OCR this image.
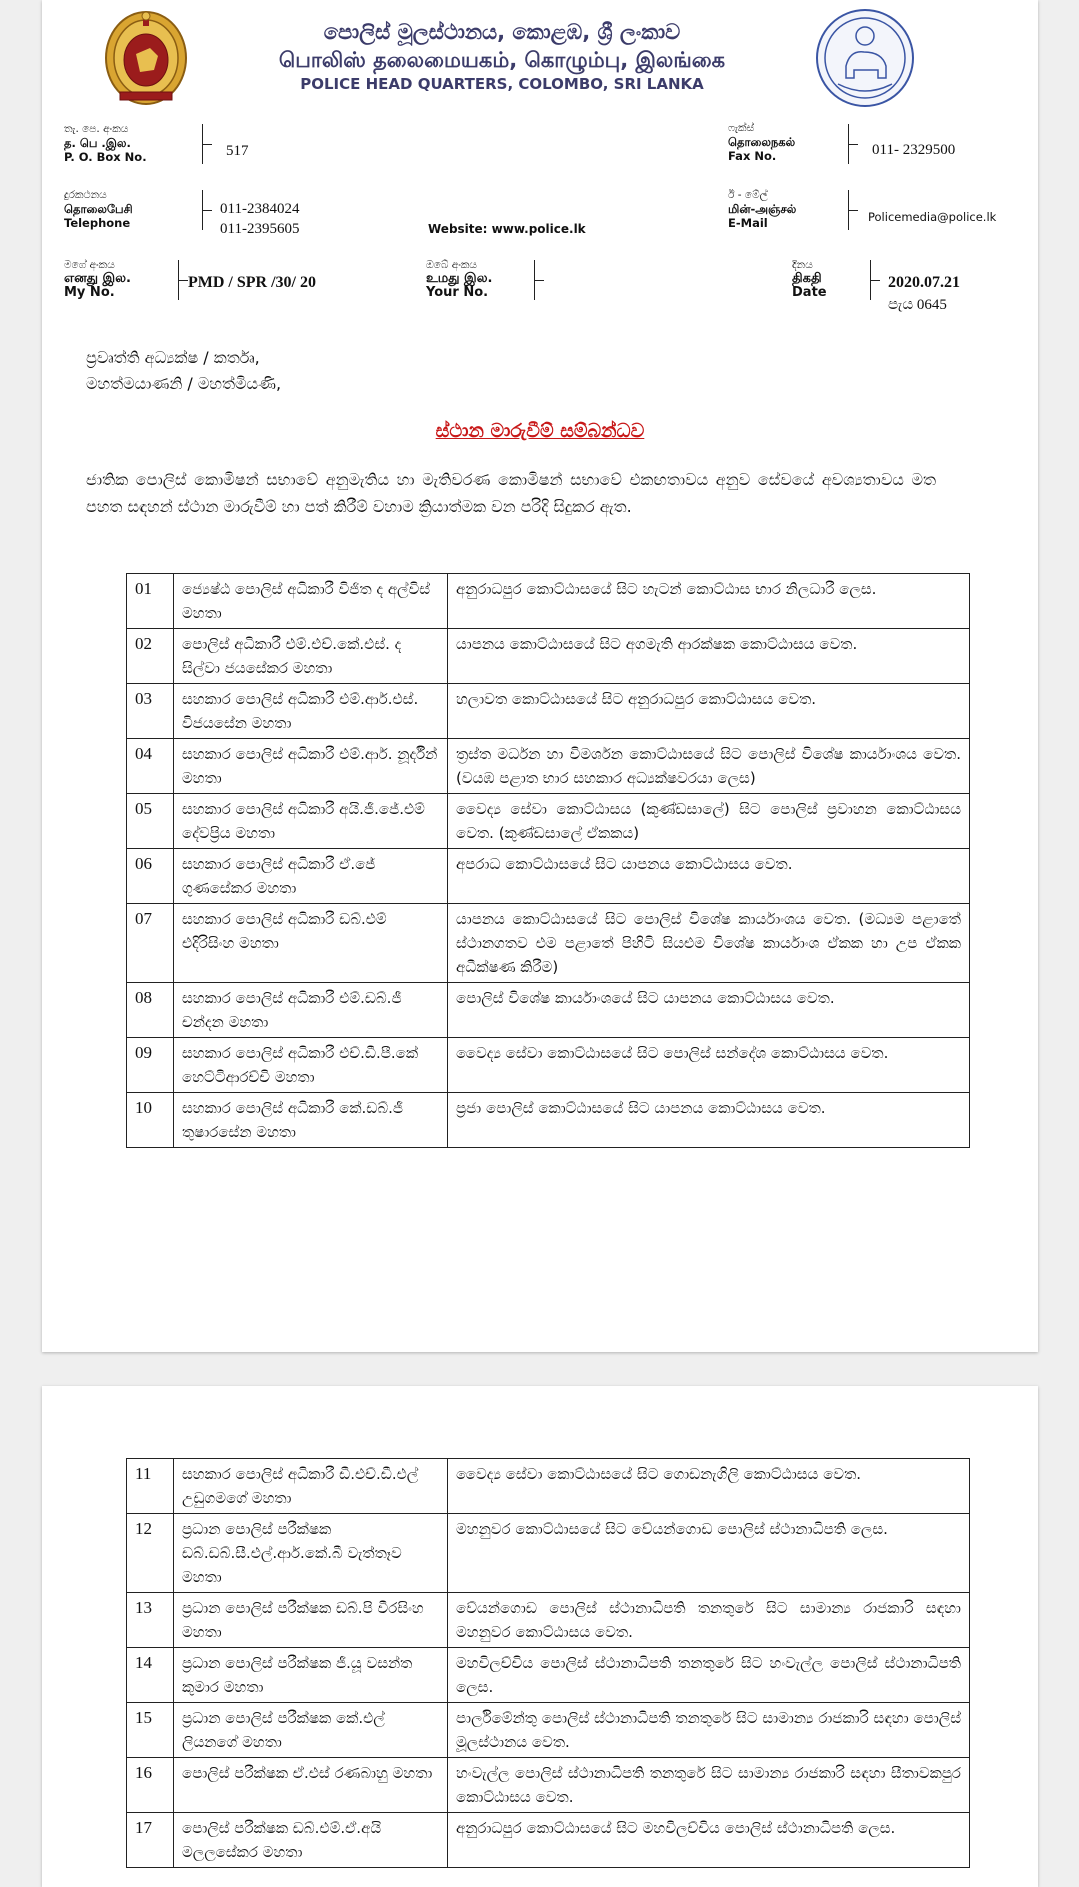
පොලිස් මූලස්ථානය, කොළඹ, ශ්‍රී ලංකාව
பொலிஸ் தலைமையகம், கொழும்பு, இலங்கை
POLICE HEAD QUARTERS, COLOMBO, SRI LANKA
තැ. පෙ. අංකය
த. பெ .இல.
P. O. Box No.	517
ෆැක්ස්
தொலைநகல்
Fax No.	011- 2329500
දුරකථනය
தொலைபேசி
Telephone
011-2384024
011-2395605	Website: www.police.lk
ඊ - මේල්
மின்-அஞ்சல்
E-Mail	Policemedia@police.lk
මගේ අංකය
எனது இல.
My No.
PMD / SPR /30/ 20
ඔබේ අංකය
உமது இல.
Your No.
දිනය
திகதி
Date
2020.07.21
පැය 0645
ප්‍රවෘත්ති අධ්‍යක්ෂ / කර්තෘ,
මහත්මයාණනි / මහත්මියණි,
ස්ථාන මාරුවීම් සම්බන්ධව
ජාතික පොලිස් කොමිෂන් සභාවේ අනුමැතිය හා මැතිවරණ කොමිෂන් සභාවේ එකඟතාවය අනුව සේවයේ අවශ්‍යතාවය මත පහත සඳහන් ස්ථාන මාරුවීම් හා පත් කිරීම් වහාම ක්‍රියාත්මක වන පරිදි සිදුකර ඇත.
01	ජ්‍යෙෂ්ඨ පොලිස් අධිකාරී විජිත ද අල්විස් මහතා	අනුරාධපුර කොට්ඨාසයේ සිට හැටන් කොට්ඨාස භාර නිලධාරී ලෙස.
02	පොලිස් අධිකාරී එම්.එච්.කේ.එස්. ද සිල්වා ජයසේකර මහතා	යාපනය කොට්ඨාසයේ සිට අගමැති ආරක්ෂක කොට්ඨාසය වෙත.
03	සහකාර පොලිස් අධිකාරී එම්.ආර්.එස්. විජයසේන මහතා	හලාවත කොට්ඨාසයේ සිට අනුරාධපුර කොට්ඨාසය වෙත.
04	සහකාර පොලිස් අධිකාරී එම්.ආර්. නූර්දීන් මහතා	ත්‍රස්ත මර්ධන හා විමර්ශන කොට්ඨාසයේ සිට පොලිස් විශේෂ කාර්යාංශය වෙත. (වයඹ පළාත භාර සහකාර අධ්‍යක්ෂවරයා ලෙස)
05	සහකාර පොලිස් අධිකාරී අයි.ජී.ජේ.එම් දේවප්‍රිය මහතා	වෛද්‍ය සේවා කොට්ඨාසය (කුණ්ඩසාලේ) සිට පොලිස් ප්‍රවාහන කොට්ඨාසය වෙත. (කුණ්ඩසාලේ ඒකකය)
06	සහකාර පොලිස් අධිකාරී ඒ.ජේ ගුණසේකර මහතා	අපරාධ කොට්ඨාසයේ සිට යාපනය කොට්ඨාසය වෙත.
07	සහකාර පොලිස් අධිකාරී ඩබ්.එම් එදිරිසිංහ මහතා	යාපනය කොට්ඨාසයේ සිට පොලිස් විශේෂ කාර්යාංශය වෙත. (මධ්‍යම පළාතේ ස්ථානගතව එම පළාතේ පිහිටි සියළුම විශේෂ කාර්යාංශ ඒකක හා උප ඒකක අධීක්ෂණ කිරීම)
08	සහකාර පොලිස් අධිකාරී එම්.ඩබ්.ජී චන්දන මහතා	පොලිස් විශේෂ කාර්යාංශයේ සිට යාපනය කොට්ඨාසය වෙත.
09	සහකාර පොලිස් අධිකාරී එච්.ඩී.පී.කේ හෙට්ටිආරච්චි මහතා	වෛද්‍ය සේවා කොට්ඨාසයේ සිට පොලිස් සන්දේශ කොට්ඨාසය වෙත.
10	සහකාර පොලිස් අධිකාරී කේ.ඩබ්.ජී තුෂාරසේන මහතා	ප්‍රජා පොලිස් කොට්ඨාසයේ සිට යාපනය කොට්ඨාසය වෙත.
11	සහකාර පොලිස් අධිකාරී ඩී.එච්.ඩී.එල් උඩුගමගේ මහතා	වෛද්‍ය සේවා කොට්ඨාසයේ සිට ගොඩනැගිලි කොට්ඨාසය වෙත.
12	ප්‍රධාන පොලිස් පරීක්ෂක ඩබ්.ඩබ්.සී.එල්.ආර්.කේ.බී වැත්තෑව මහතා	මහනුවර කොට්ඨාසයේ සිට වේයන්ගොඩ පොලිස් ස්ථානාධිපති ලෙස.
13	ප්‍රධාන පොලිස් පරීක්ෂක ඩබ්.පි වීරසිංහ මහතා	වේයන්ගොඩ පොලිස් ස්ථානාධිපති තනතුරේ සිට සාමාන්‍ය රාජකාරි සඳහා මහනුවර කොට්ඨාසය වෙත.
14	ප්‍රධාන පොලිස් පරීක්ෂක ජී.යූ වසන්ත කුමාර මහතා	මහවිලච්චිය පොලිස් ස්ථානාධිපති තනතුරේ සිට හංවැල්ල පොලිස් ස්ථානාධිපති ලෙස.
15	ප්‍රධාන පොලිස් පරීක්ෂක කේ.එල් ලියනගේ මහතා	පාර්ලිමේන්තු පොලිස් ස්ථානාධිපති තනතුරේ සිට සාමාන්‍ය රාජකාරි සඳහා පොලිස් මූලස්ථානය වෙත.
16	පොලිස් පරීක්ෂක ඒ.එස් රණබාහු මහතා	හංවැල්ල පොලිස් ස්ථානාධිපති තනතුරේ සිට සාමාන්‍ය රාජකාරි සඳහා සීතාවකපුර කොට්ඨාසය වෙත.
17	පොලිස් පරීක්ෂක ඩබ්.එම්.ඒ.අයි මලලසේකර මහතා	අනුරාධපුර කොට්ඨාසයේ සිට මහවිලච්චිය පොලිස් ස්ථානාධිපති ලෙස.
